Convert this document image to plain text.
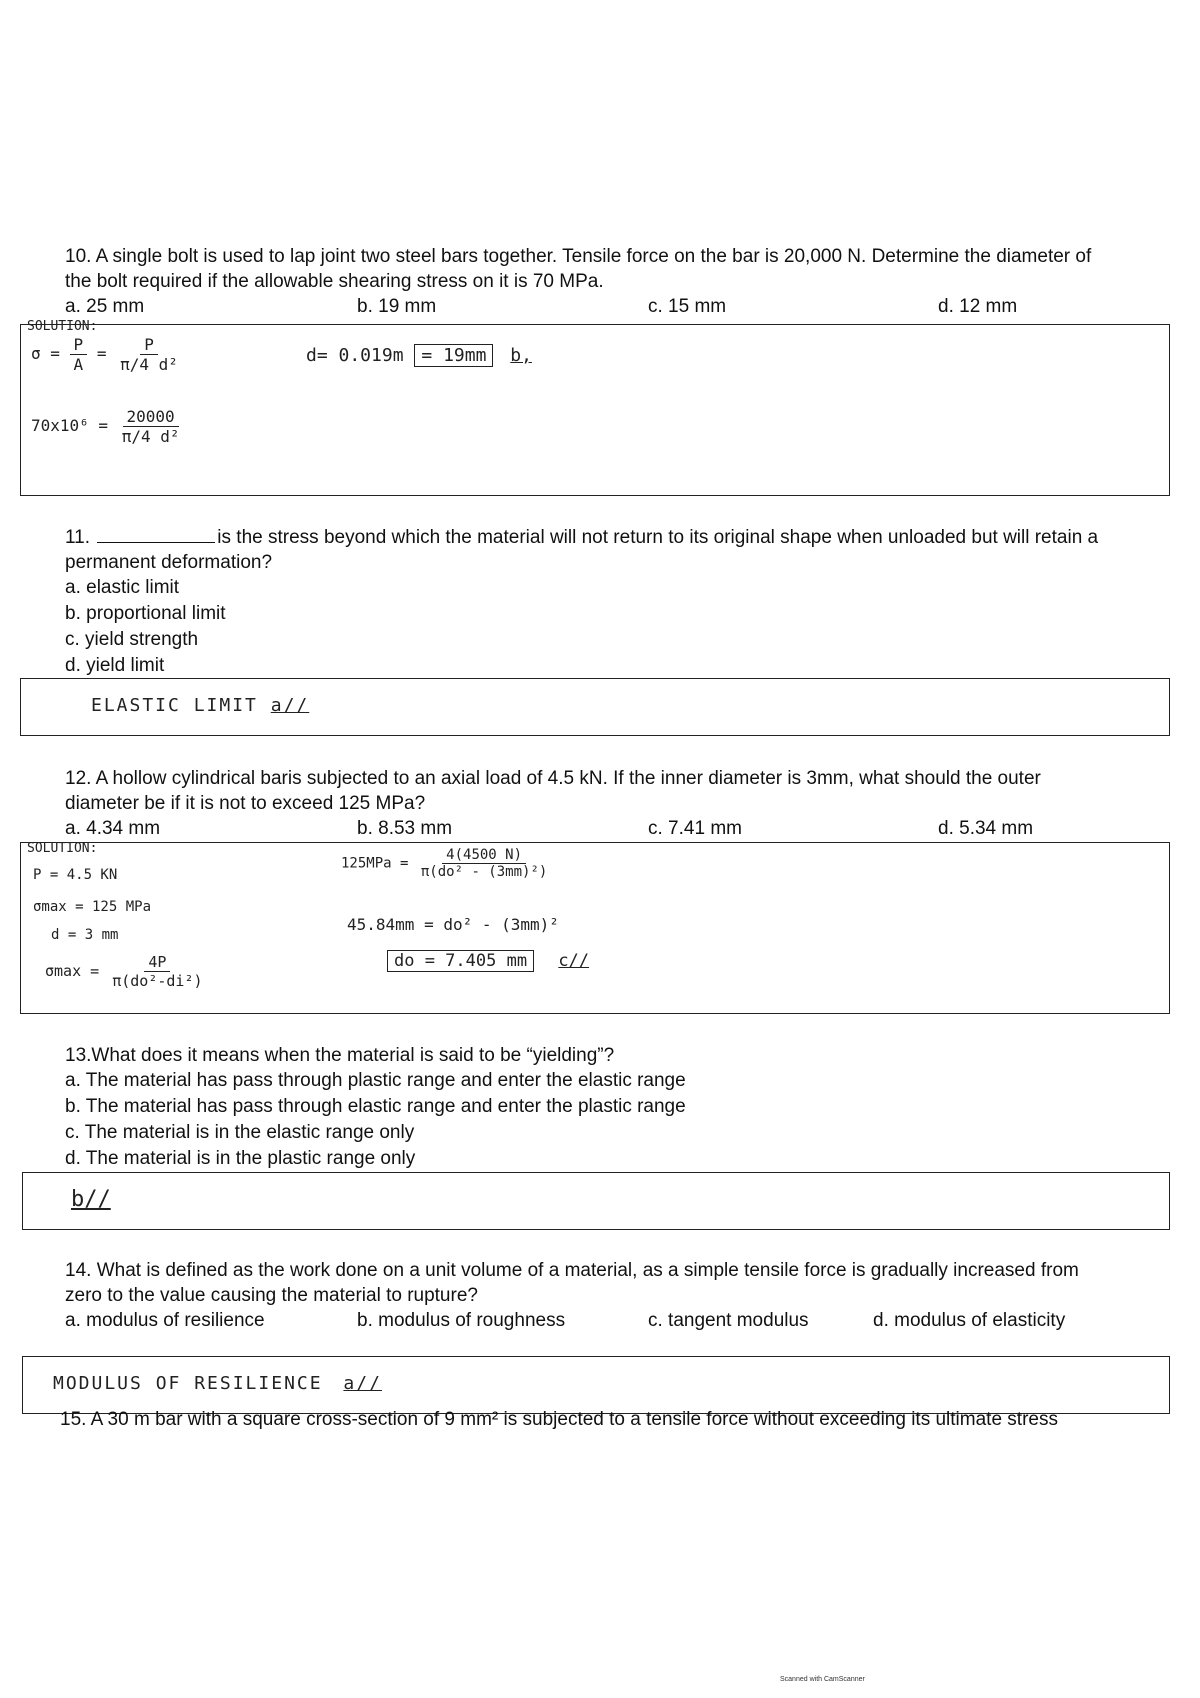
10. A single bolt is used to lap joint two steel bars together. Tensile force on the bar is 20,000 N. Determine the diameter of the bolt required if the allowable shearing stress on it is 70 MPa.
a. 25 mm	b. 19 mm	c. 15 mm	d. 12 mm
SOLUTION:
$\sigma = \frac{P}{A} = \frac{P}{\text{π/4 d²}}$
$70x10^6 = \frac{20000}{\text{π/4 d²}}$
d= 0.019m = 19mm b,
11.	is the stress beyond which the material will not return to its original shape when unloaded but will retain a permanent deformation?
a. elastic limit
b. proportional limit
c. yield strength
d. yield limit
ELASTIC LIMIT a//
12. A hollow cylindrical baris subjected to an axial load of 4.5 kN. If the inner diameter is 3mm, what should the outer diameter be if it is not to exceed 125 MPa?
a. 4.34 mm	b. 8.53 mm	c. 7.41 mm	d. 5.34 mm
SOLUTION:
P = 4.5 KN
σmax = 125 MPa
d = 3 mm
$\sigma\max = \frac{4P}{\text{π(do²-di²)}}$
$125MPa = \frac{4(4500 N)}{\text{π(do² - (3mm)²)}}$
45.84mm = do² - (3mm)²
do = 7.405 mm c//
13.What does it means when the material is said to be “yielding”?
a. The material has pass through plastic range and enter the elastic range
b. The material has pass through elastic range and enter the plastic range
c. The material is in the elastic range only
d. The material is in the plastic range only
b//
14. What is defined as the work done on a unit volume of a material, as a simple tensile force is gradually increased from zero to the value causing the material to rupture?
a. modulus of resilience	b. modulus of roughness	c. tangent modulus	d. modulus of elasticity
MODULUS OF RESILIENCE a//
15. A 30 m bar with a square cross-section of 9 mm² is subjected to a tensile force without exceeding its ultimate stress
Scanned with CamScanner
